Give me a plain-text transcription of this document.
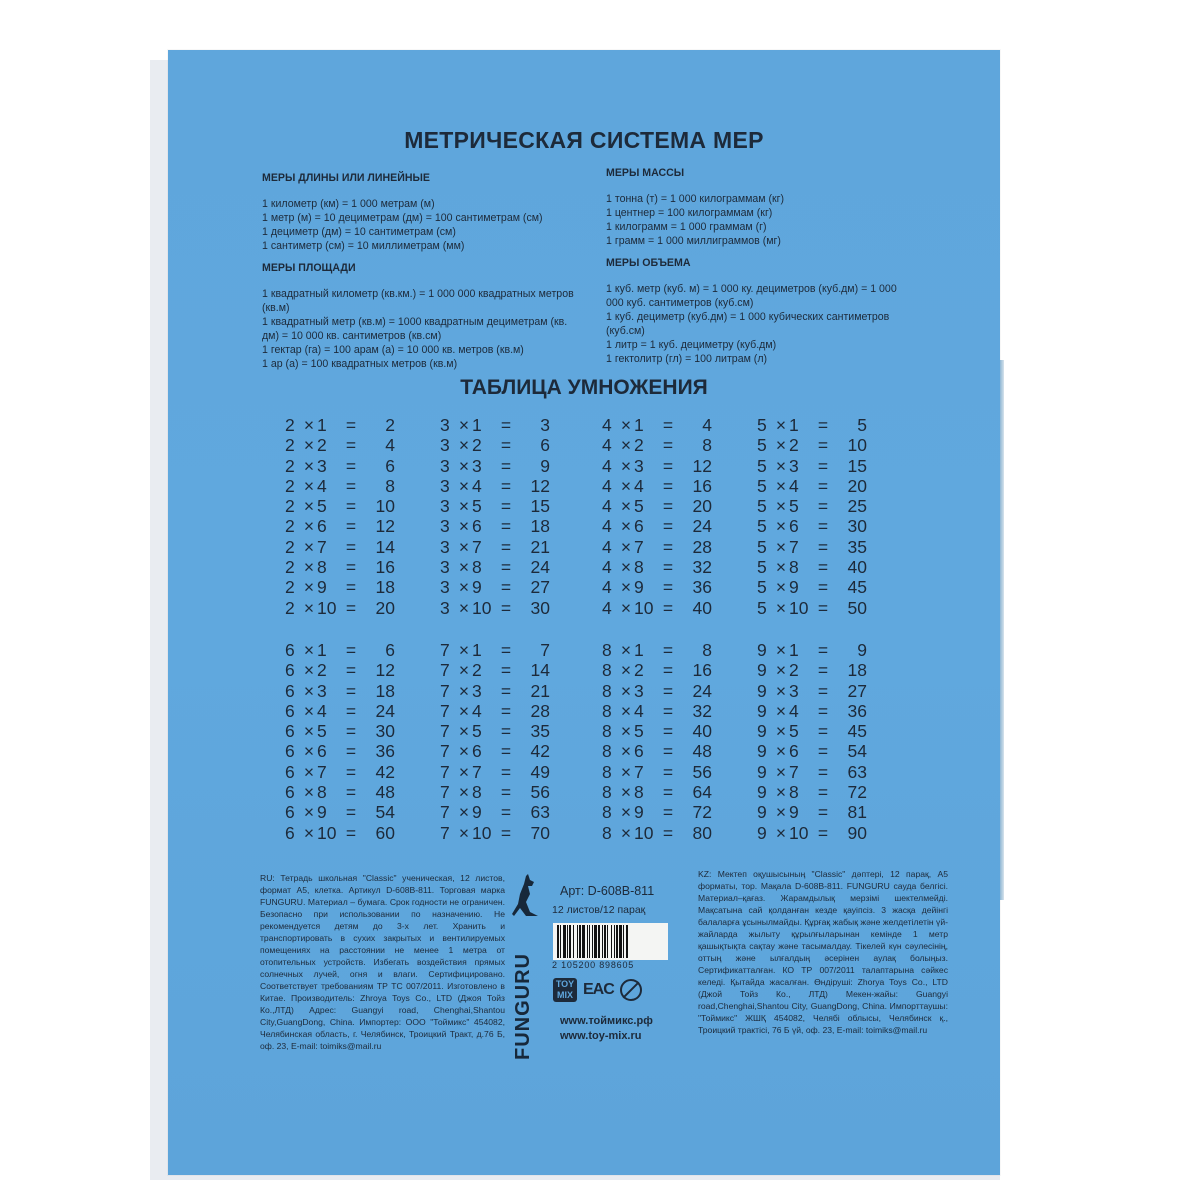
МЕТРИЧЕСКАЯ СИСТЕМА МЕР
МЕРЫ ДЛИНЫ ИЛИ ЛИНЕЙНЫЕ

1 километр (км) = 1 000 метрам (м)

1 метр (м) = 10 дециметрам (дм) = 100 сантиметрам (см)

1 дециметр (дм) = 10 сантиметрам (см)

1 сантиметр (см) = 10 миллиметрам (мм)

МЕРЫ МАССЫ

1 тонна (т) = 1 000 килограммам (кг)

1 центнер = 100 килограммам (кг)

1 килограмм = 1 000 граммам (г)

1 грамм = 1 000 миллиграммов (мг)

МЕРЫ ПЛОЩАДИ

1 квадратный километр (кв.км.) = 1 000 000 квадратных метров (кв.м)

1 квадратный метр (кв.м) = 1000 квадратным дециметрам (кв. дм) = 10 000 кв. сантиметров (кв.см)

1 гектар (га) = 100 арам (а) = 10 000 кв. метров (кв.м)

1 ар (а) = 100 квадратных метров (кв.м)

МЕРЫ ОБЪЕМА

1 куб. метр (куб. м) = 1 000 ку. дециметров (куб.дм) = 1 000 000 куб. сантиметров (куб.см)

1 куб. дециметр (куб.дм) = 1 000 кубических сантиметров (куб.см)

1 литр = 1 куб. дециметру (куб.дм)

1 гектолитр (гл) = 100 литрам (л)

ТАБЛИЦА УМНОЖЕНИЯ
2 × 1	=	2
2 × 2	=	4
2 × 3	=	6
2 × 4	=	8
2 × 5	=	10
2 × 6	=	12
2 × 7	=	14
2 × 8	=	16
2 × 9	=	18
2 × 10 =	20
3 × 1	=	3
3 × 2	=	6
3 × 3	=	9
3 × 4	=	12
3 × 5	=	15
3 × 6	=	18
3 × 7	=	21
3 × 8	=	24
3 × 9	=	27
3 × 10 =	30
4 × 1	=	4
4 × 2	=	8
4 × 3	=	12
4 × 4	=	16
4 × 5	=	20
4 × 6	=	24
4 × 7	=	28
4 × 8	=	32
4 × 9	=	36
4 × 10 =	40
5 × 1	=	5
5 × 2	=	10
5 × 3	=	15
5 × 4	=	20
5 × 5	=	25
5 × 6	=	30
5 × 7	=	35
5 × 8	=	40
5 × 9	=	45
5 × 10 =	50
6 × 1	=	6
6 × 2	=	12
6 × 3	=	18
6 × 4	=	24
6 × 5	=	30
6 × 6	=	36
6 × 7	=	42
6 × 8	=	48
6 × 9	=	54
6 × 10 =	60
7 × 1	=	7
7 × 2	=	14
7 × 3	=	21
7 × 4	=	28
7 × 5	=	35
7 × 6	=	42
7 × 7	=	49
7 × 8	=	56
7 × 9	=	63
7 × 10 =	70
8 × 1	=	8
8 × 2	=	16
8 × 3	=	24
8 × 4	=	32
8 × 5	=	40
8 × 6	=	48
8 × 7	=	56
8 × 8	=	64
8 × 9	=	72
8 × 10 =	80
9 × 1	=	9
9 × 2	=	18
9 × 3	=	27
9 × 4	=	36
9 × 5	=	45
9 × 6	=	54
9 × 7	=	63
9 × 8	=	72
9 × 9	=	81
9 × 10 =	90
RU: Тетрадь школьная "Classic" ученическая, 12 листов, формат А5, клетка. Артикул D-608B-811. Торговая марка FUNGURU. Материал – бумага. Срок годности не ограничен. Безопасно при использовании по назначению. Не рекомендуется детям до 3-х лет. Хранить и транспортировать в сухих закрытых и вентилируемых помещениях на расстоянии не менее 1 метра от отопительных устройств. Избегать воздействия прямых солнечных лучей, огня и влаги. Сертифицировано. Соответствует требованиям ТР ТС 007/2011. Изготовлено в Китае. Производитель: Zhroya Toys Co., LTD (Джоя Тойз Ко.,ЛТД) Адрес: Guangyi road, Chenghai,Shantou City,GuangDong, China. Импортер: ООО "Тоймикс" 454082, Челябинская область, г. Челябинск, Троицкий Тракт, д.76 Б, оф. 23, E-mail: toimiks@mail.ru	FUNGURU
Арт: D-608B-811
12 листов/12 парақ
2 105200 898605
TOY MIX EAC
www.тоймикс.рф
www.toy-mix.ru
KZ: Мектеп оқушысының "Classic" дәптері, 12 парақ, А5 форматы, тор. Мақала D-608B-811. FUNGURU сауда белгісі. Материал–қағаз. Жарамдылық мерзімі шектелмейді. Мақсатына сай қолданған кезде қауіпсіз. 3 жасқа дейінгі балаларға ұсынылмайды. Құрғақ жабық және желдетілетін үй-жайларда жылыту құрылғыларынан кемінде 1 метр қашықтықта сақтау және тасымалдау. Тікелей күн сәулесінің, оттың және ылғалдың әсерінен аулақ болыңыз. Сертификатталған. КО ТР 007/2011 талаптарына сәйкес келеді. Қытайда жасалған. Өндіруші: Zhorya Toys Co., LTD (Джой Тойз Ко., ЛТД) Мекен-жайы: Guangyi road,Chenghai,Shantou City, GuangDong, China. Импорттаушы: "Тоймикс" ЖШҚ 454082, Челябі облысы, Челябинск қ., Троицкий трактісі, 76 Б үй, оф. 23, E-mail: toimiks@mail.ru
